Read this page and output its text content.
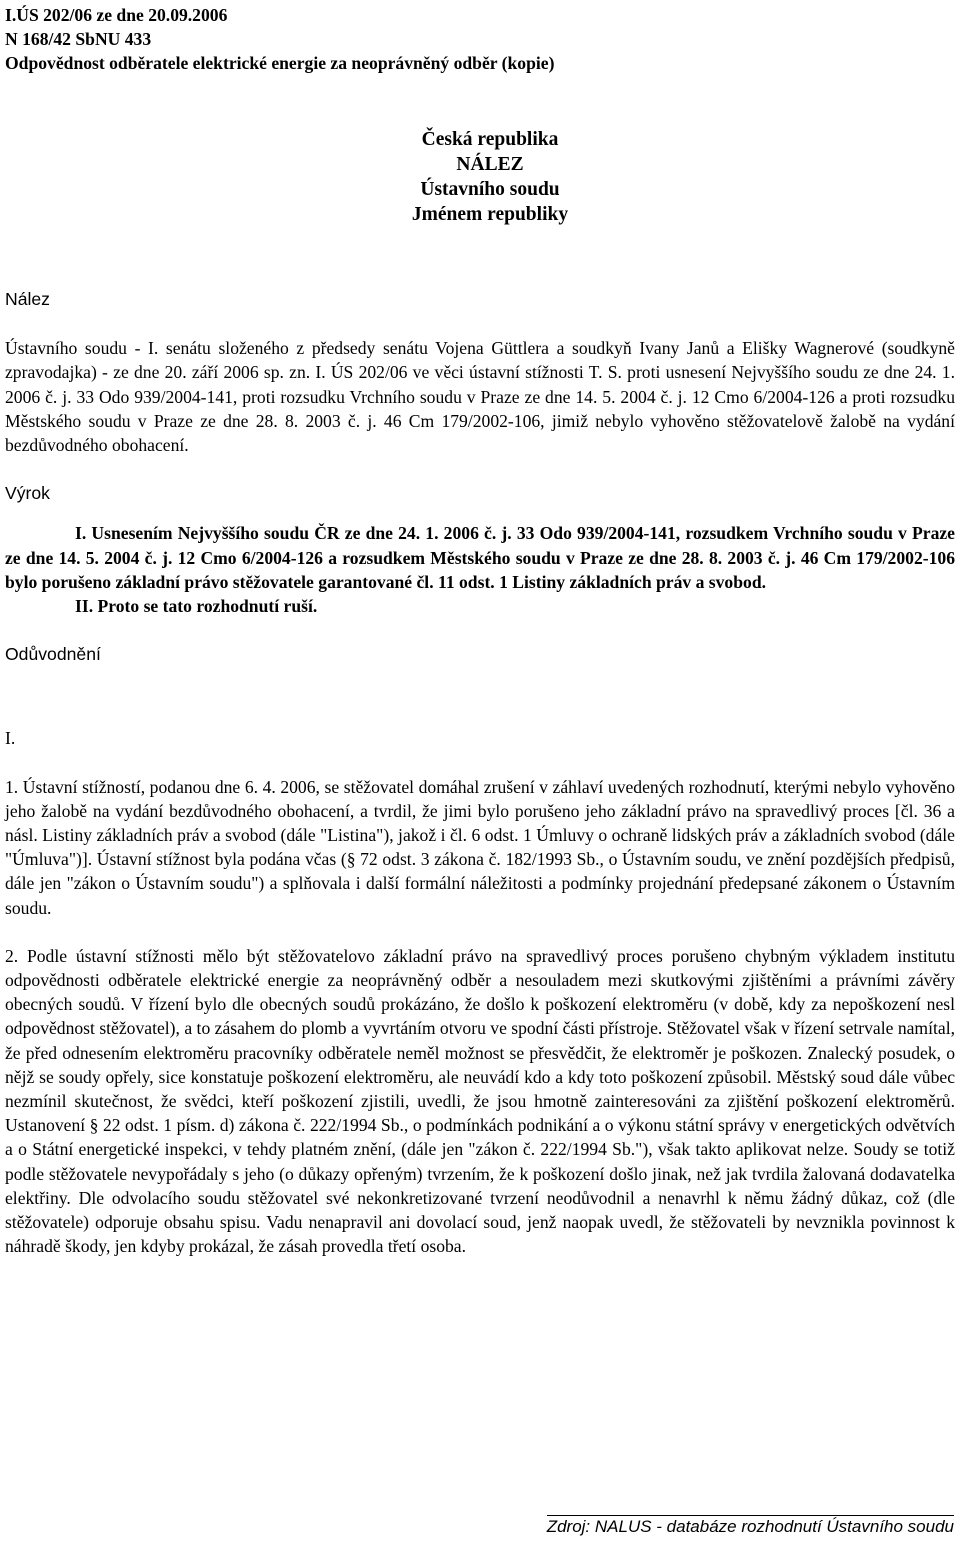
I.ÚS 202/06 ze dne 20.09.2006
N 168/42 SbNU 433
Odpovědnost odběratele elektrické energie za neoprávněný odběr (kopie)
Česká republika
NÁLEZ
Ústavního soudu
Jménem republiky

Nález

Ústavního soudu - I. senátu složeného z předsedy senátu Vojena Güttlera a soudkyň Ivany Janů a Elišky Wagnerové (soudkyně zpravodajka) - ze dne 20. září 2006 sp. zn. I. ÚS 202/06 ve věci ústavní stížnosti T. S. proti usnesení Nejvyššího soudu ze dne 24. 1. 2006 č. j. 33 Odo 939/2004-141, proti rozsudku Vrchního soudu v Praze ze dne 14. 5. 2004 č. j. 12 Cmo 6/2004-126 a proti rozsudku Městského soudu v Praze ze dne 28. 8. 2003 č. j. 46 Cm 179/2002-106, jimiž nebylo vyhověno stěžovatelově žalobě na vydání bezdůvodného obohacení.

Výrok

I. Usnesením Nejvyššího soudu ČR ze dne 24. 1. 2006 č. j. 33 Odo 939/2004-141, rozsudkem Vrchního soudu v Praze ze dne 14. 5. 2004 č. j. 12 Cmo 6/2004-126 a rozsudkem Městského soudu v Praze ze dne 28. 8. 2003 č. j. 46 Cm 179/2002-106 bylo porušeno základní právo stěžovatele garantované čl. 11 odst. 1 Listiny základních práv a svobod.

II. Proto se tato rozhodnutí ruší.

Odůvodnění

I.

1. Ústavní stížností, podanou dne 6. 4. 2006, se stěžovatel domáhal zrušení v záhlaví uvedených rozhodnutí, kterými nebylo vyhověno jeho žalobě na vydání bezdůvodného obohacení, a tvrdil, že jimi bylo porušeno jeho základní právo na spravedlivý proces [čl. 36 a násl. Listiny základních práv a svobod (dále "Listina"), jakož i čl. 6 odst. 1 Úmluvy o ochraně lidských práv a základních svobod (dále "Úmluva")]. Ústavní stížnost byla podána včas (§ 72 odst. 3 zákona č. 182/1993 Sb., o Ústavním soudu, ve znění pozdějších předpisů, dále jen "zákon o Ústavním soudu") a splňovala i další formální náležitosti a podmínky projednání předepsané zákonem o Ústavním soudu.

2. Podle ústavní stížnosti mělo být stěžovatelovo základní právo na spravedlivý proces porušeno chybným výkladem institutu odpovědnosti odběratele elektrické energie za neoprávněný odběr a nesouladem mezi skutkovými zjištěními a právními závěry obecných soudů. V řízení bylo dle obecných soudů prokázáno, že došlo k poškození elektroměru (v době, kdy za nepoškození nesl odpovědnost stěžovatel), a to zásahem do plomb a vyvrtáním otvoru ve spodní části přístroje. Stěžovatel však v řízení setrvale namítal, že před odnesením elektroměru pracovníky odběratele neměl možnost se přesvědčit, že elektroměr je poškozen. Znalecký posudek, o nějž se soudy opřely, sice konstatuje poškození elektroměru, ale neuvádí kdo a kdy toto poškození způsobil. Městský soud dále vůbec nezmínil skutečnost, že svědci, kteří poškození zjistili, uvedli, že jsou hmotně zainteresováni za zjištění poškození elektroměrů. Ustanovení § 22 odst. 1 písm. d) zákona č. 222/1994 Sb., o podmínkách podnikání a o výkonu státní správy v energetických odvětvích a o Státní energetické inspekci, v tehdy platném znění, (dále jen "zákon č. 222/1994 Sb."), však takto aplikovat nelze. Soudy se totiž podle stěžovatele nevypořádaly s jeho (o důkazy opřeným) tvrzením, že k poškození došlo jinak, než jak tvrdila žalovaná dodavatelka elektřiny. Dle odvolacího soudu stěžovatel své nekonkretizované tvrzení neodůvodnil a nenavrhl k němu žádný důkaz, což (dle stěžovatele) odporuje obsahu spisu. Vadu nenapravil ani dovolací soud, jenž naopak uvedl, že stěžovateli by nevznikla povinnost k náhradě škody, jen kdyby prokázal, že zásah provedla třetí osoba.

Zdroj: NALUS - databáze rozhodnutí Ústavního soudu
